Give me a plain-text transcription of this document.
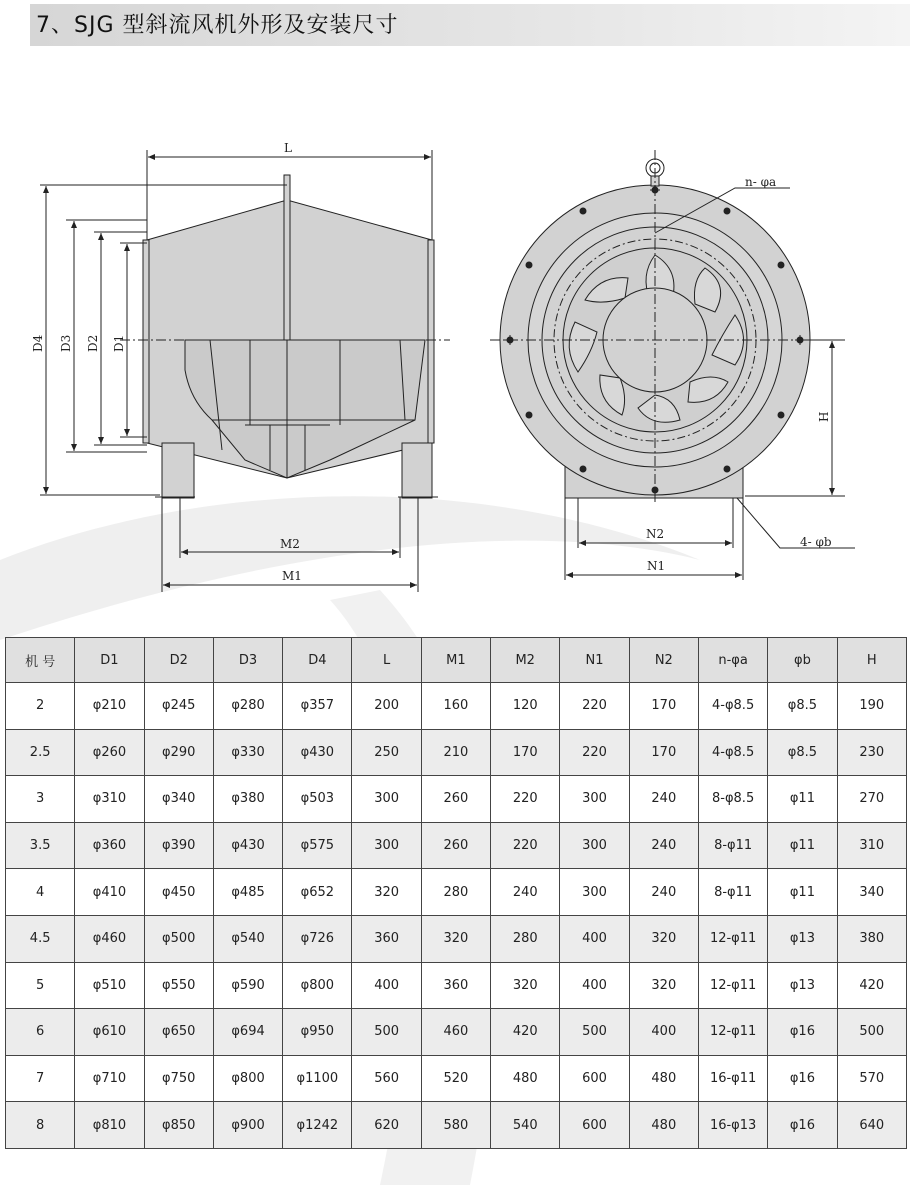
7、SJG 型斜流风机外形及安装尺寸
L
D4 D3 D2 D1
M2
M1
n- φa
4- φb
N2
N1
H
机 号	D1	D2	D3	D4	L	M1	M2	N1	N2	n-φa	φb	H
2	φ210	φ245	φ280	φ357	200	160	120	220	170	4-φ8.5	φ8.5	190
2.5	φ260	φ290	φ330	φ430	250	210	170	220	170	4-φ8.5	φ8.5	230
3	φ310	φ340	φ380	φ503	300	260	220	300	240	8-φ8.5	φ11	270
3.5	φ360	φ390	φ430	φ575	300	260	220	300	240	8-φ11	φ11	310
4	φ410	φ450	φ485	φ652	320	280	240	300	240	8-φ11	φ11	340
4.5	φ460	φ500	φ540	φ726	360	320	280	400	320	12-φ11	φ13	380
5	φ510	φ550	φ590	φ800	400	360	320	400	320	12-φ11	φ13	420
6	φ610	φ650	φ694	φ950	500	460	420	500	400	12-φ11	φ16	500
7	φ710	φ750	φ800	φ1100	560	520	480	600	480	16-φ11	φ16	570
8	φ810	φ850	φ900	φ1242	620	580	540	600	480	16-φ13	φ16	640
